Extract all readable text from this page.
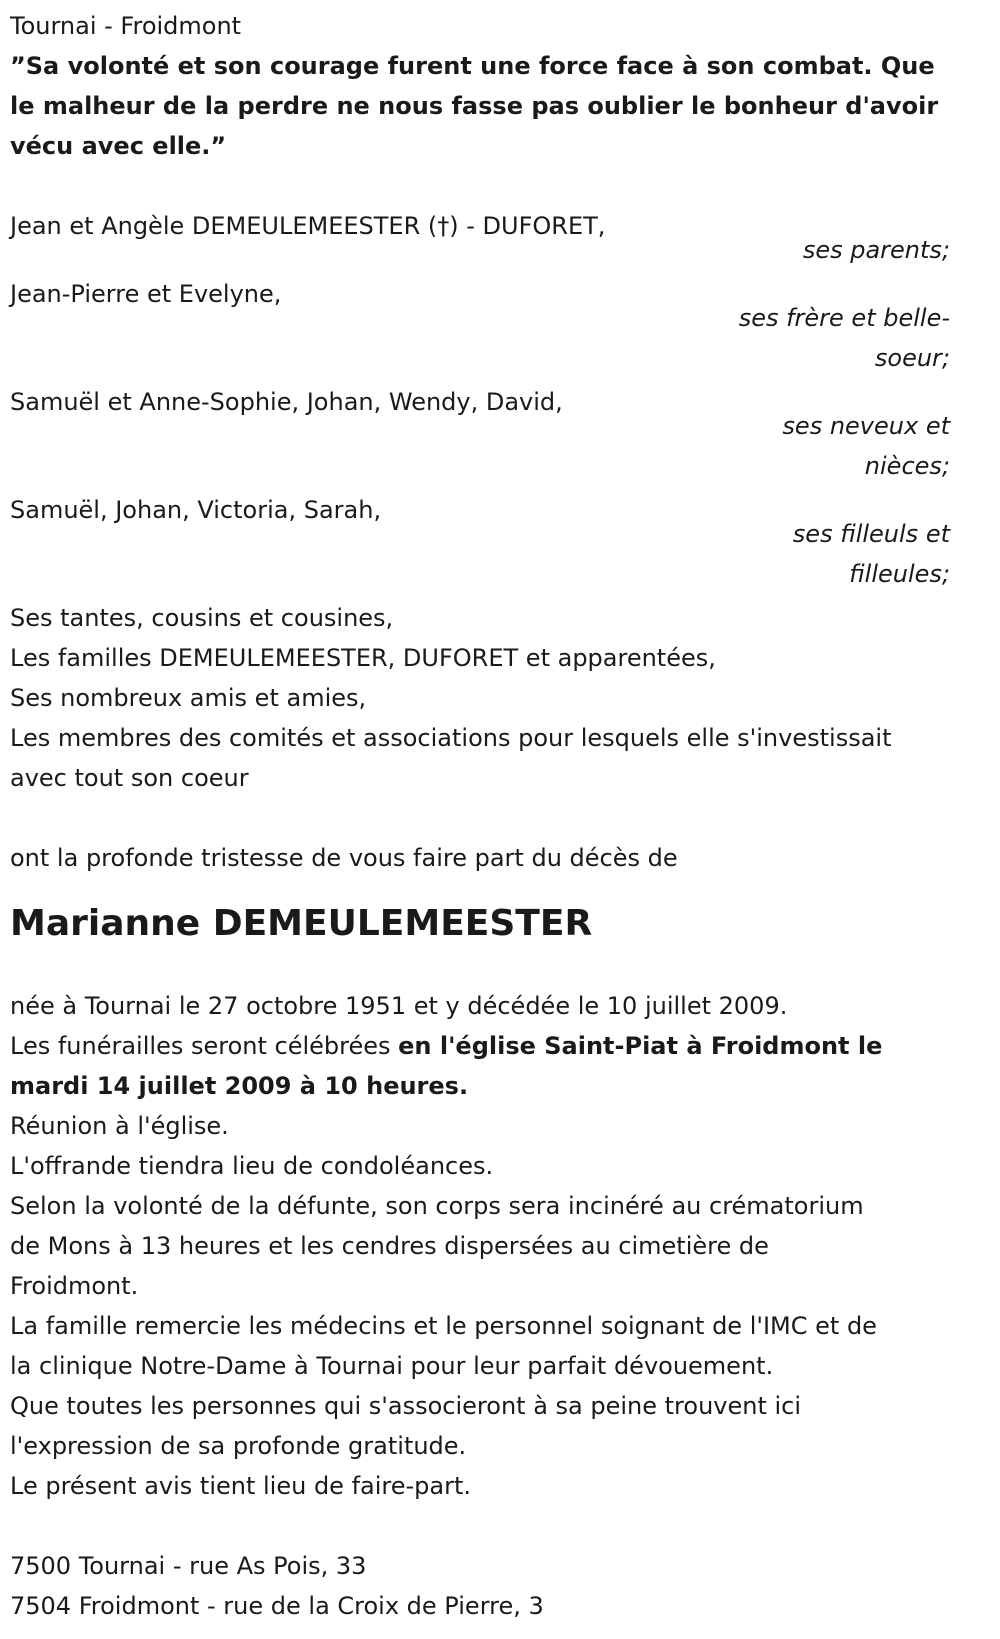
Tournai - Froidmont
”Sa volonté et son courage furent une force face à son combat. Que le malheur de la perdre ne nous fasse pas oublier le bonheur d'avoir vécu avec elle.”
Jean et Angèle DEMEULEMEESTER (†) - DUFORET,
ses parents;
Jean-Pierre et Evelyne,
ses frère et belle-
soeur;
Samuël et Anne-Sophie, Johan, Wendy, David,
ses neveux et
nièces;
Samuël, Johan, Victoria, Sarah,
ses filleuls et
filleules;
Ses tantes, cousins et cousines,
Les familles DEMEULEMEESTER, DUFORET et apparentées,
Ses nombreux amis et amies,
Les membres des comités et associations pour lesquels elle s'investissait
avec tout son coeur
ont la profonde tristesse de vous faire part du décès de
Marianne DEMEULEMEESTER
née à Tournai le 27 octobre 1951 et y décédée le 10 juillet 2009.
Les funérailles seront célébrées en l'église Saint-Piat à Froidmont le
mardi 14 juillet 2009 à 10 heures.
Réunion à l'église.
L'offrande tiendra lieu de condoléances.
Selon la volonté de la défunte, son corps sera incinéré au crématorium
de Mons à 13 heures et les cendres dispersées au cimetière de
Froidmont.
La famille remercie les médecins et le personnel soignant de l'IMC et de
la clinique Notre-Dame à Tournai pour leur parfait dévouement.
Que toutes les personnes qui s'associeront à sa peine trouvent ici
l'expression de sa profonde gratitude.
Le présent avis tient lieu de faire-part.
7500 Tournai - rue As Pois, 33
7504 Froidmont - rue de la Croix de Pierre, 3
